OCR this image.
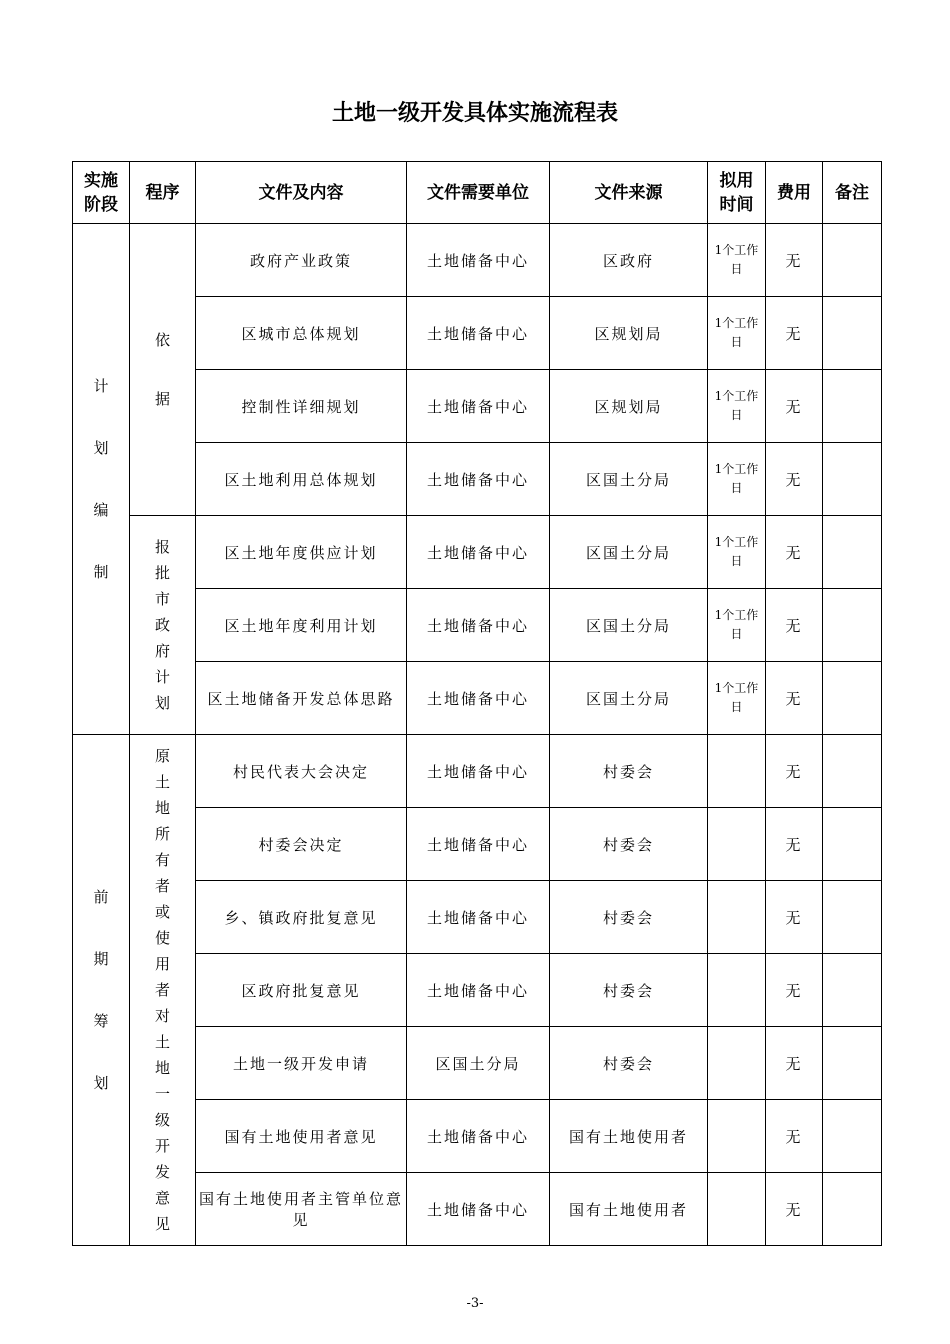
土地一级开发具体实施流程表
实施阶段	程序	文件及内容	文件需要单位	文件来源	拟用时间	费用	备注
计划编制	依据	政府产业政策	土地储备中心	区政府	1个工作日	无	
		区城市总体规划	土地储备中心	区规划局	1个工作日	无	
		控制性详细规划	土地储备中心	区规划局	1个工作日	无	
		区土地利用总体规划	土地储备中心	区国土分局	1个工作日	无	
	报批市政府计划	区土地年度供应计划	土地储备中心	区国土分局	1个工作日	无	
		区土地年度利用计划	土地储备中心	区国土分局	1个工作日	无	
		区土地储备开发总体思路	土地储备中心	区国土分局	1个工作日	无	
前期筹划	原土地所有者或使用者对土地一级开发意见	村民代表大会决定	土地储备中心	村委会		无	
		村委会决定	土地储备中心	村委会		无	
		乡、镇政府批复意见	土地储备中心	村委会		无	
		区政府批复意见	土地储备中心	村委会		无	
		土地一级开发申请	区国土分局	村委会		无	
		国有土地使用者意见	土地储备中心	国有土地使用者		无	
		国有土地使用者主管单位意见	土地储备中心	国有土地使用者		无	
-3-
